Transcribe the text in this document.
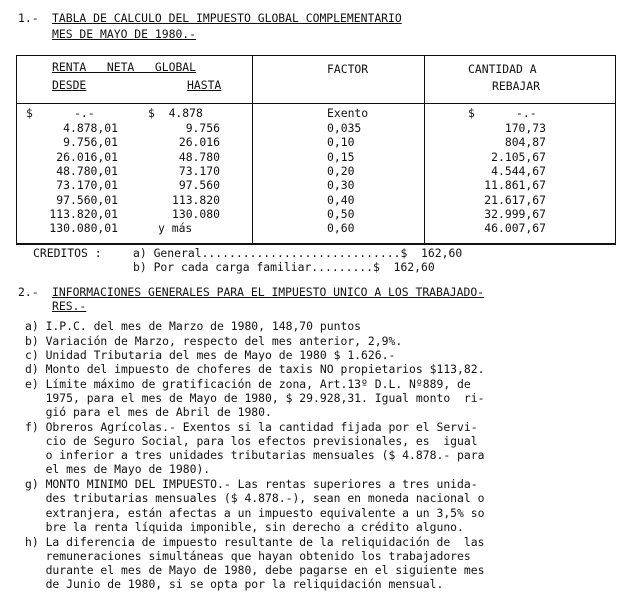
1.- TABLA DE CALCULO DEL IMPUESTO GLOBAL COMPLEMENTARIO
MES DE MAYO DE 1980.-
RENTA   NETA   GLOBAL
DESDE	HASTA
FACTOR	CANTIDAD A
REBAJAR
$      -.-	$  4.878	Exento	$      -.-
4.878,01	9.756	0,035	170,73
9.756,01	26.016	0,10	804,87
26.016,01	48.780	0,15	2.105,67
48.780,01	73.170	0,20	4.544,67
73.170,01	97.560	0,30	11.861,67
97.560,01	113.820	0,40	21.617,67
113.820,01	130.080	0,50	32.999,67
130.080,01	y más	0,60	46.007,67
CREDITOS :	a) General.............................$  162,60
b) Por cada carga familiar.........$  162,60
2.- INFORMACIONES GENERALES PARA EL IMPUESTO UNICO A LOS TRABAJADO-
RES.-
a) I.P.C. del mes de Marzo de 1980, 148,70 puntos
b) Variación de Marzo, respecto del mes anterior, 2,9%.
c) Unidad Tributaria del mes de Mayo de 1980 $ 1.626.-
d) Monto del impuesto de choferes de taxis NO propietarios $113,82.
e) Límite máximo de gratificación de zona, Art.13º D.L. Nº889, de
1975, para el mes de Mayo de 1980, $ 29.928,31. Igual monto  ri-
gió para el mes de Abril de 1980.
f) Obreros Agrícolas.- Exentos si la cantidad fijada por el Servi-
cio de Seguro Social, para los efectos previsionales, es  igual
o inferior a tres unidades tributarias mensuales ($ 4.878.- para
el mes de Mayo de 1980).
g) MONTO MINIMO DEL IMPUESTO.- Las rentas superiores a tres unida-
des tributarias mensuales ($ 4.878.-), sean en moneda nacional o
extranjera, están afectas a un impuesto equivalente a un 3,5% so
bre la renta líquida imponible, sin derecho a crédito alguno.
h) La diferencia de impuesto resultante de la reliquidación de  las
remuneraciones simultáneas que hayan obtenido los trabajadores
durante el mes de Mayo de 1980, debe pagarse en el siguiente mes
de Junio de 1980, si se opta por la reliquidación mensual.
